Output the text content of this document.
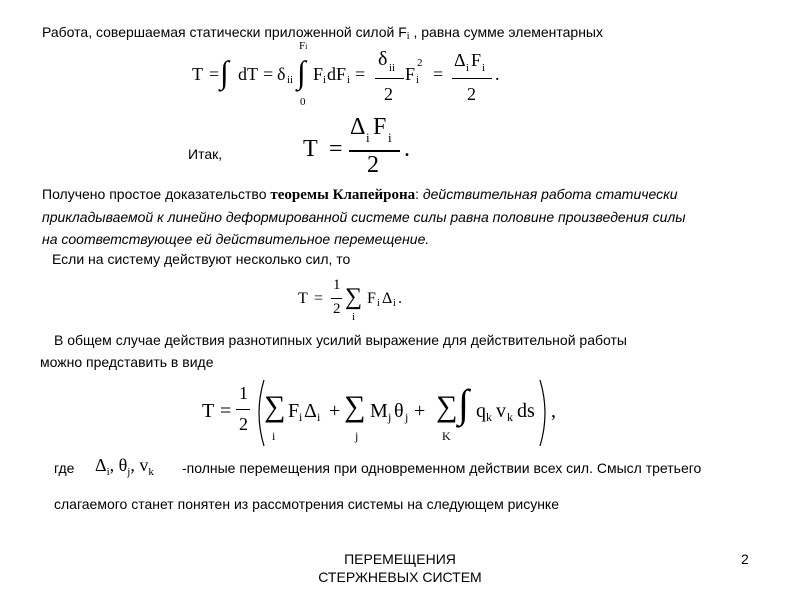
Работа, совершаемая статически приложенной силой Fi , равна сумме элементарных
T = ∫ dT = δ ii
Fi
∫
0
F i dF i =
δ ii
2
F i
2
=
Δ i F i
2
.
Итак,	T =
Δ i F i
2
.
Получено простое доказательство теоремы Клапейрона: действительная работа статически
прикладываемой к линейно деформированной системе силы равна половине произведения силы
на соответствующее ей действительное перемещение.
Если на систему действуют несколько сил, то
T =
1
2 ∑
i
F i Δ i .
В общем случае действия разнотипных усилий выражение для действительной работы
можно представить в виде
T =
1
2
∑
i
F i Δ i + ∑
j
M j θ j + ∑
K
∫ q k v k ds ,
где $\Delta_i$, $\theta_j$, $v_k$ -полные перемещения при одновременном действии всех сил. Смысл третьего
слагаемого станет понятен из рассмотрения системы на следующем рисунке
ПЕРЕМЕЩЕНИЯ
СТЕРЖНЕВЫХ СИСТЕМ
2
